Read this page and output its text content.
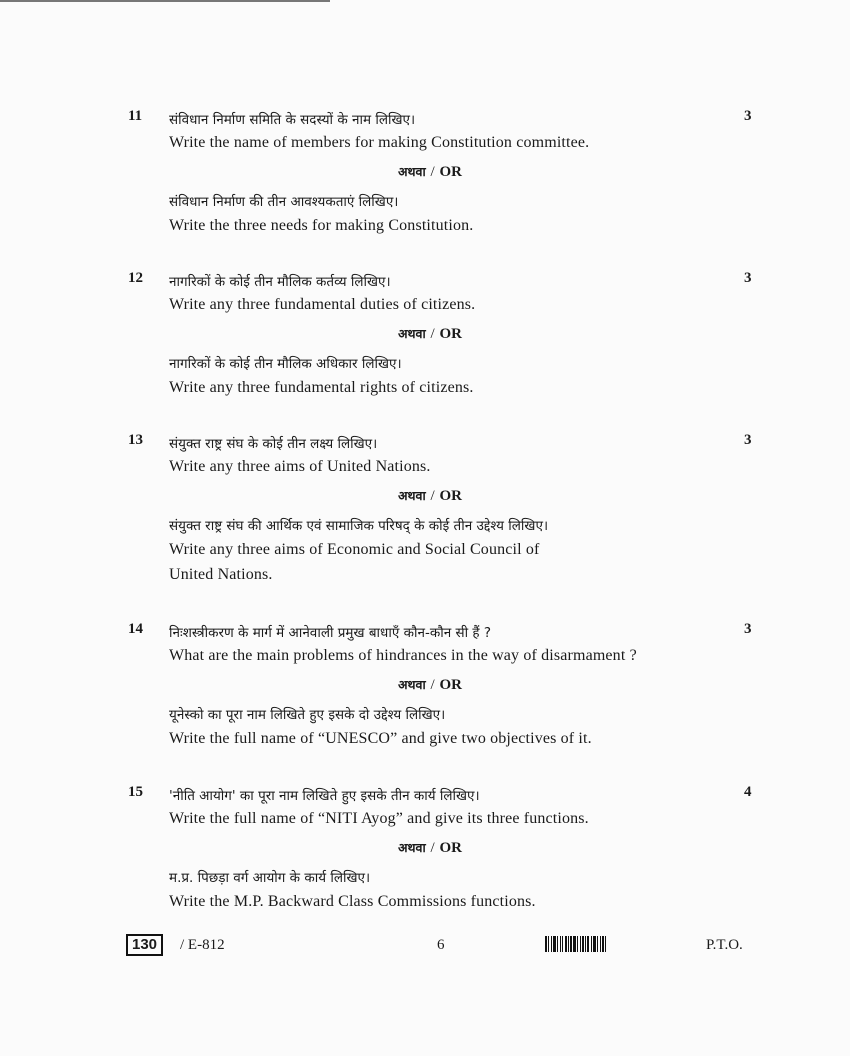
11	3
संविधान निर्माण समिति के सदस्यों के नाम लिखिए।
Write the name of members for making Constitution committee.
अथवा / OR
संविधान निर्माण की तीन आवश्यकताएं लिखिए।
Write the three needs for making Constitution.
12	3
नागरिकों के कोई तीन मौलिक कर्तव्य लिखिए।
Write any three fundamental duties of citizens.
अथवा / OR
नागरिकों के कोई तीन मौलिक अधिकार लिखिए।
Write any three fundamental rights of citizens.
13	3
संयुक्त राष्ट्र संघ के कोई तीन लक्ष्य लिखिए।
Write any three aims of United Nations.
अथवा / OR
संयुक्त राष्ट्र संघ की आर्थिक एवं सामाजिक परिषद् के कोई तीन उद्देश्य लिखिए।
Write any three aims of Economic and Social Council of
United Nations.
14	3
निःशस्त्रीकरण के मार्ग में आनेवाली प्रमुख बाधाएँ कौन-कौन सी हैं ?
What are the main problems of hindrances in the way of disarmament ?
अथवा / OR
यूनेस्को का पूरा नाम लिखिते हुए इसके दो उद्देश्य लिखिए।
Write the full name of “UNESCO” and give two objectives of it.
15	4
'नीति आयोग' का पूरा नाम लिखिते हुए इसके तीन कार्य लिखिए।
Write the full name of “NITI Ayog” and give its three functions.
अथवा / OR
म.प्र. पिछड़ा वर्ग आयोग के कार्य लिखिए।
Write the M.P. Backward Class Commissions functions.
130	/ E-812	6	P.T.O.
